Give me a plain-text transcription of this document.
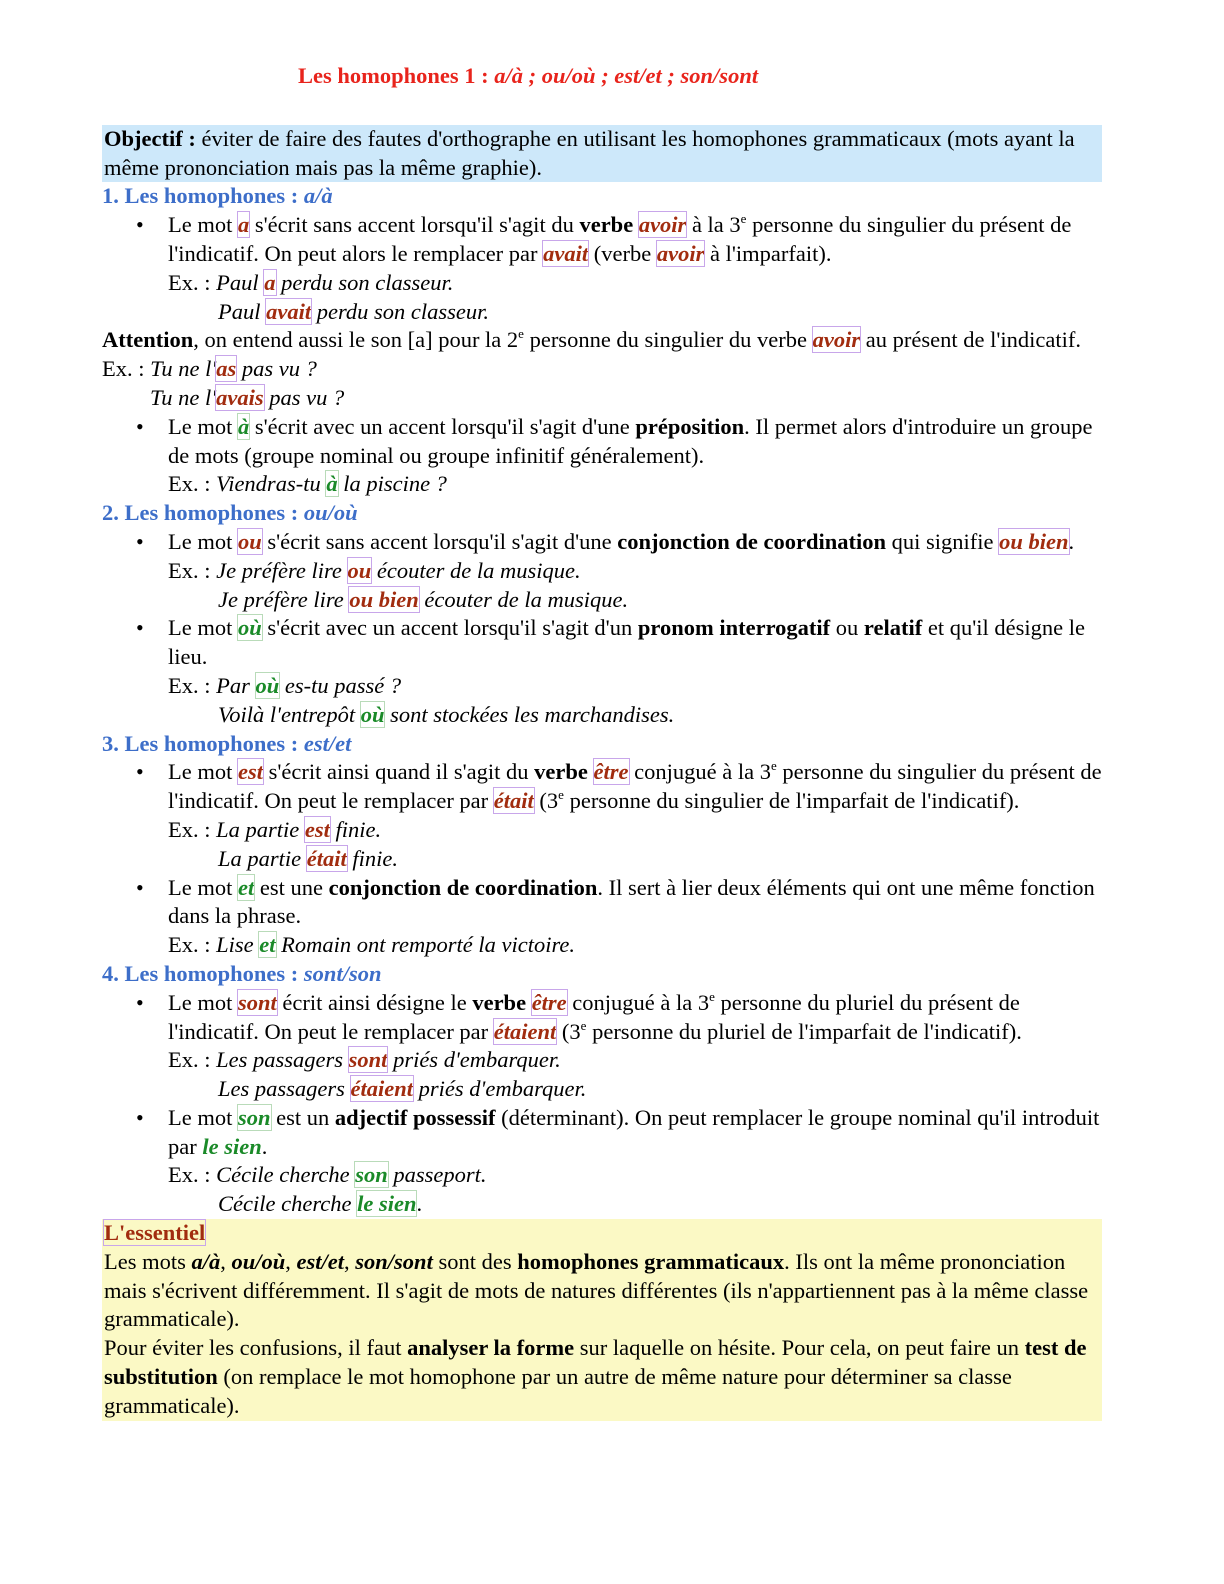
Les homophones 1 : a/à ; ou/où ; est/et ; son/sont
Objectif : éviter de faire des fautes d'orthographe en utilisant les homophones grammaticaux (mots ayant la même prononciation mais pas la même graphie).
1. Les homophones : a/à
• Le mot a s'écrit sans accent lorsqu'il s'agit du verbe avoir à la 3e personne du singulier du présent de l'indicatif. On peut alors le remplacer par avait (verbe avoir à l'imparfait).
Ex. : Paul a perdu son classeur.
Paul avait perdu son classeur.
Attention, on entend aussi le son [a] pour la 2e personne du singulier du verbe avoir au présent de l'indicatif.
Ex. : Tu ne l'as pas vu ?
Tu ne l'avais pas vu ?
• Le mot à s'écrit avec un accent lorsqu'il s'agit d'une préposition. Il permet alors d'introduire un groupe de mots (groupe nominal ou groupe infinitif généralement).
Ex. : Viendras-tu à la piscine ?
2. Les homophones : ou/où
• Le mot ou s'écrit sans accent lorsqu'il s'agit d'une conjonction de coordination qui signifie ou bien.
Ex. : Je préfère lire ou écouter de la musique.
Je préfère lire ou bien écouter de la musique.
• Le mot où s'écrit avec un accent lorsqu'il s'agit d'un pronom interrogatif ou relatif et qu'il désigne le lieu.
Ex. : Par où es-tu passé ?
Voilà l'entrepôt où sont stockées les marchandises.
3. Les homophones : est/et
• Le mot est s'écrit ainsi quand il s'agit du verbe être conjugué à la 3e personne du singulier du présent de l'indicatif. On peut le remplacer par était (3e personne du singulier de l'imparfait de l'indicatif).
Ex. : La partie est finie.
La partie était finie.
• Le mot et est une conjonction de coordination. Il sert à lier deux éléments qui ont une même fonction dans la phrase.
Ex. : Lise et Romain ont remporté la victoire.
4. Les homophones : sont/son
• Le mot sont écrit ainsi désigne le verbe être conjugué à la 3e personne du pluriel du présent de l'indicatif. On peut le remplacer par étaient (3e personne du pluriel de l'imparfait de l'indicatif).
Ex. : Les passagers sont priés d'embarquer.
Les passagers étaient priés d'embarquer.
• Le mot son est un adjectif possessif (déterminant). On peut remplacer le groupe nominal qu'il introduit par le sien.
Ex. : Cécile cherche son passeport.
Cécile cherche le sien.
L'essentiel
Les mots a/à, ou/où, est/et, son/sont sont des homophones grammaticaux. Ils ont la même prononciation mais s'écrivent différemment. Il s'agit de mots de natures différentes (ils n'appartiennent pas à la même classe grammaticale).
Pour éviter les confusions, il faut analyser la forme sur laquelle on hésite. Pour cela, on peut faire un test de substitution (on remplace le mot homophone par un autre de même nature pour déterminer sa classe grammaticale).
